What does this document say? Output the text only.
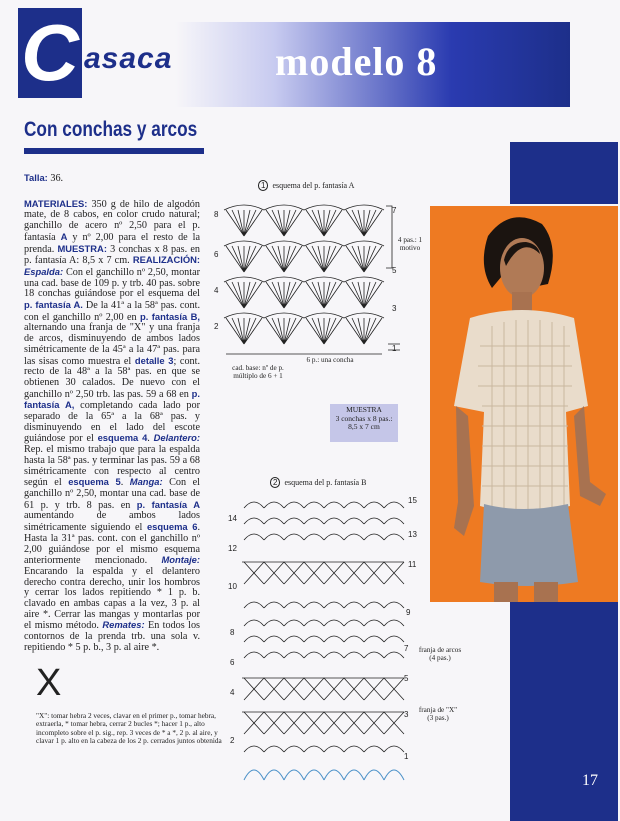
C asaca	modelo 8
Con conchas y arcos
17
Talla: 36.
MATERIALES: 350 g de hilo de algodón mate, de 8 cabos, en color crudo natural; ganchillo de acero nº 2,50 para el p. fantasía A y nº 2,00 para el resto de la prenda. MUESTRA: 3 conchas x 8 pas. en p. fantasía A: 8,5 x 7 cm. REALIZACIÓN: Espalda: Con el ganchillo nº 2,50, montar una cad. base de 109 p. y trb. 40 pas. sobre 18 conchas guiándose por el esquema del p. fantasía A. De la 41ª a la 58ª pas. cont. con el ganchillo nº 2,00 en p. fantasía B, alternando una franja de "X" y una franja de arcos, disminuyendo de ambos lados simétricamente de la 45ª a la 47ª pas. para las sisas como muestra el detalle 3; cont. recto de la 48ª a la 58ª pas. en que se obtienen 30 calados. De nuevo con el ganchillo nº 2,50 trb. las pas. 59 a 68 en p. fantasía A, completando cada lado por separado de la 65ª a la 68ª pas. y disminuyendo en el lado del escote guiándose por el esquema 4. Delantero: Rep. el mismo trabajo que para la espalda hasta la 58ª pas. y terminar las pas. 59 a 68 simétricamente con respecto al centro según el esquema 5. Manga: Con el ganchillo nº 2,50, montar una cad. base de 61 p. y trb. 8 pas. en p. fantasía A aumentando de ambos lados simétricamente siguiendo el esquema 6. Hasta la 31ª pas. cont. con el ganchillo nº 2,00 guiándose por el mismo esquema anteriormente mencionado. Montaje: Encarando la espalda y el delantero derecho contra derecho, unir los hombros y cerrar los lados repitiendo * 1 p. b. clavado en ambas capas a la vez, 3 p. al aire *. Cerrar las mangas y montarlas por el mismo método. Remates: En todos los contornos de la prenda trb. una sola v. repitiendo * 5 p. b., 3 p. al aire *.
X
"X": tomar hebra 2 veces, clavar en el primer p., tomar hebra, extraerla, * tomar hebra, cerrar 2 bucles *; hacer 1 p., alto incompleto sobre el p. sig., rep. 3 veces de * a *, 2 p. al aire, y clavar 1 p. alto en la cabeza de los 2 p. cerrados juntos obtenida
1 esquema del p. fantasía A
8
6
4
2
7
5
3
1
4 pas.: 1 motivo
cad. base: nº de p. múltiplo de 6 + 1
6 p.: una concha
MUESTRA
3 conchas x 8 pas.:
8,5 x 7 cm
2 esquema del p. fantasía B
14
12
10
8
6
4
2
15
13
11
9
7
5
3
1
franja de arcos (4 pas.)
franja de "X"
(3 pas.)
